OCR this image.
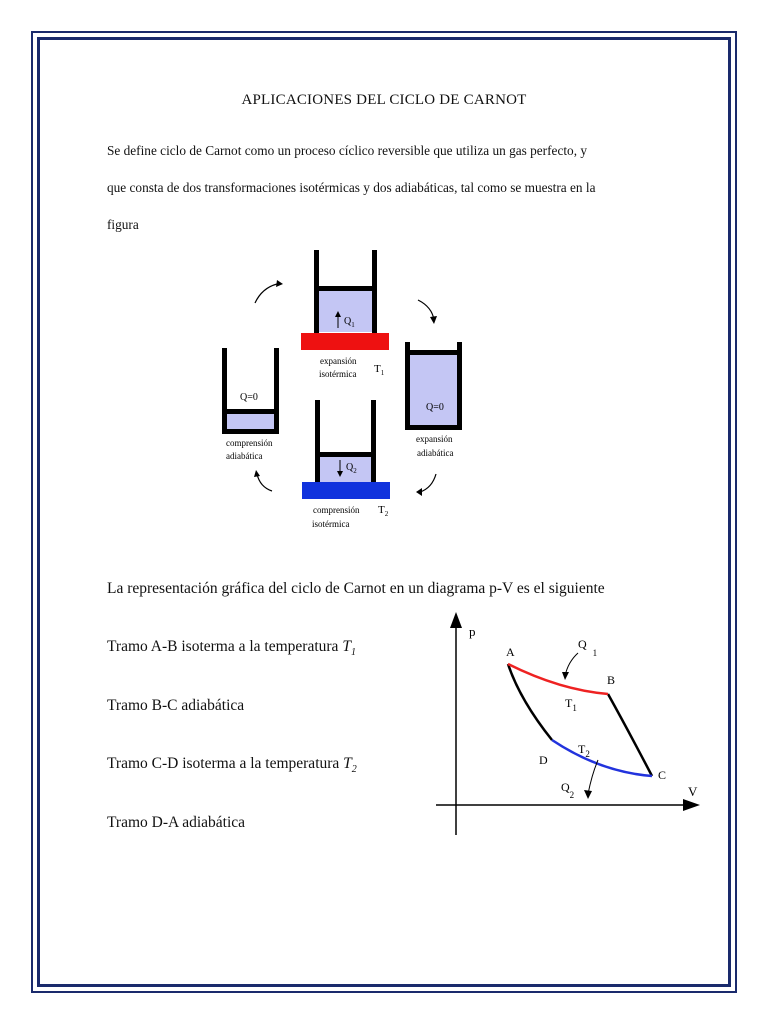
APLICACIONES DEL CICLO DE CARNOT
Se define ciclo de Carnot como un proceso cíclico reversible que utiliza un gas perfecto, y
que consta de dos transformaciones isotérmicas y dos adiabáticas, tal como se muestra en la
figura
$Q_1$
expansión
isotérmica $T_1$
Q=0
expansión
adiabática
$Q_2$
comprensión
isotérmica
$T_2$
Q=0
comprensión
adiabática
La representación gráfica del ciclo de Carnot en un diagrama p-V es el siguiente
Tramo A-B isoterma a la temperatura $T_1$
Tramo B-C adiabática
Tramo C-D isoterma a la temperatura $T_2$
Tramo D-A adiabática
p
V
A
B
C
D
$Q_1$
$T_1$
$T_2$
$Q_2$
